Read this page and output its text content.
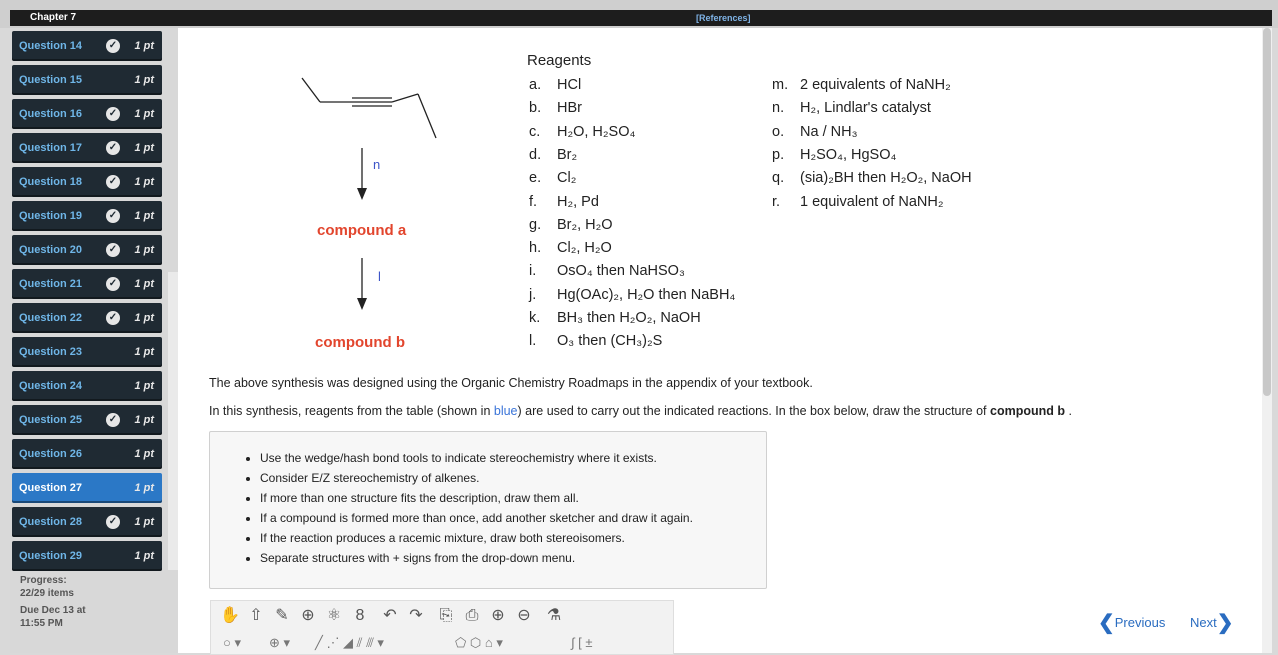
Chapter 7	[References]
Question 14	✓ 1 pt
Question 15	1 pt
Question 16	✓ 1 pt
Question 17	✓ 1 pt
Question 18	✓ 1 pt
Question 19	✓ 1 pt
Question 20	✓ 1 pt
Question 21	✓ 1 pt
Question 22	✓ 1 pt
Question 23	1 pt
Question 24	1 pt
Question 25	✓ 1 pt
Question 26	1 pt
Question 27	1 pt
Question 28	✓ 1 pt
Question 29	1 pt
Progress:
22/29 items
Due Dec 13 at
11:55 PM
n
compound a
l
compound b
Reagents
a. HCl
b. HBr
c. H₂O, H₂SO₄
d. Br₂
e. Cl₂
f. H₂, Pd
g. Br₂, H₂O
h. Cl₂, H₂O
i. OsO₄ then NaHSO₃
j. Hg(OAc)₂, H₂O then NaBH₄
k. BH₃ then H₂O₂, NaOH
l. O₃ then (CH₃)₂S
m. 2 equivalents of NaNH₂
n. H₂, Lindlar's catalyst
o. Na / NH₃
p. H₂SO₄, HgSO₄
q. (sia)₂BH then H₂O₂, NaOH
r. 1 equivalent of NaNH₂
The above synthesis was designed using the Organic Chemistry Roadmaps in the appendix of your textbook.
In this synthesis, reagents from the table (shown in blue) are used to carry out the indicated reactions. In the box below, draw the structure of compound b .
• Use the wedge/hash bond tools to indicate stereochemistry where it exists.
• Consider E/Z stereochemistry of alkenes.
• If more than one structure fits the description, draw them all.
• If a compound is formed more than once, add another sketcher and draw it again.
• If the reaction produces a racemic mixture, draw both stereoisomers.
• Separate structures with + signs from the drop-down menu.
✋ ⇧ ✎ ⊕ ⚛ 8	↶ ↷ ⎘ ⎙ ⊕ ⊖ ⚗
○ ▾ ⊕ ▾ ╱ ⋰ ◢ ⫽ ⫻ ▾	⬠ ⬡ ⌂ ▾	∫ [ ±
❮Previous Next❯
